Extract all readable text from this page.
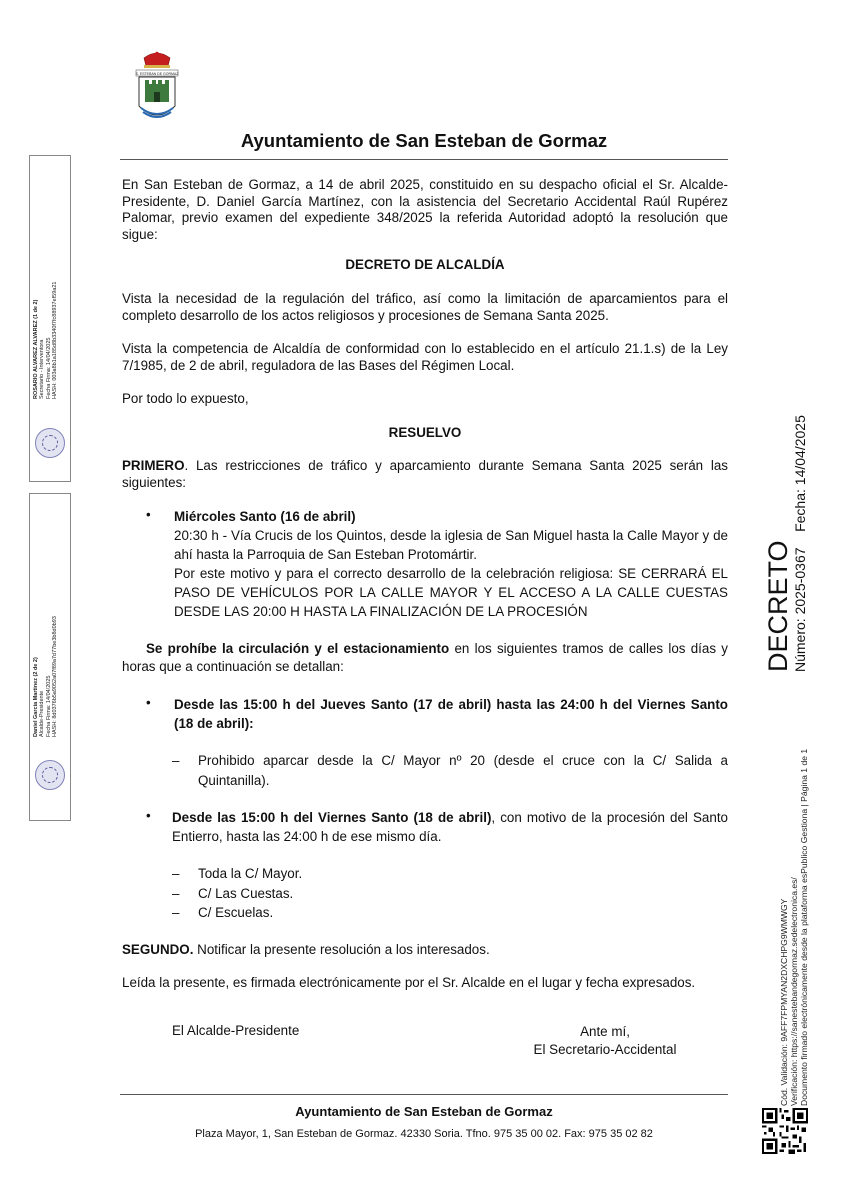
S. ESTEBAN DE GORMAZ
Ayuntamiento de San Esteban de Gormaz

En San Esteban de Gormaz, a 14 de abril 2025, constituido en su despacho oficial el Sr. Alcalde-Presidente, D. Daniel García Martínez, con la asistencia del Secretario Accidental Raúl Rupérez Palomar, previo examen del expediente 348/2025 la referida Autoridad adoptó la resolución que sigue:

DECRETO DE ALCALDÍA

Vista la necesidad de la regulación del tráfico, así como la limitación de aparcamientos para el completo desarrollo de los actos religiosos y procesiones de Semana Santa 2025.

Vista la competencia de Alcaldía de conformidad con lo establecido en el artículo 21.1.s) de la Ley 7/1985, de 2 de abril, reguladora de las Bases del Régimen Local.

Por todo lo expuesto,

RESUELVO

PRIMERO. Las restricciones de tráfico y aparcamiento durante Semana Santa 2025 serán las siguientes:

• Miércoles Santo (16 de abril)
20:30 h - Vía Crucis de los Quintos, desde la iglesia de San Miguel hasta la Calle Mayor y de ahí hasta la Parroquia de San Esteban Protomártir.
Por este motivo y para el correcto desarrollo de la celebración religiosa: SE CERRARÁ EL PASO DE VEHÍCULOS POR LA CALLE MAYOR Y EL ACCESO A LA CALLE CUESTAS DESDE LAS 20:00 H HASTA LA FINALIZACIÓN DE LA PROCESIÓN

Se prohíbe la circulación y el estacionamiento en los siguientes tramos de calles los días y horas que a continuación se detallan:

• Desde las 15:00 h del Jueves Santo (17 de abril) hasta las 24:00 h del Viernes Santo (18 de abril):
– Prohibido aparcar desde la C/ Mayor nº 20 (desde el cruce con la C/ Salida a Quintanilla).
• Desde las 15:00 h del Viernes Santo (18 de abril), con motivo de la procesión del Santo Entierro, hasta las 24:00 h de ese mismo día.
– Toda la C/ Mayor.
– C/ Las Cuestas.
– C/ Escuelas.

SEGUNDO. Notificar la presente resolución a los interesados.

Leída la presente, es firmada electrónicamente por el Sr. Alcalde en el lugar y fecha expresados.

El Alcalde-Presidente	Ante mí,
El Secretario-Accidental
Ayuntamiento de San Esteban de Gormaz
Plaza Mayor, 1, San Esteban de Gormaz. 42330 Soria. Tfno. 975 35 00 02. Fax: 975 35 02 82
ROSARIO ALVAREZ ALVAREZ (1 de 2) Secretario - Interventora Fecha Firma: 14/04/2025 HASH: 003a8b1a185d8b3340f7fc88937ef59a21
Daniel Garcia Martinez (2 de 2) Alcalde-Presidente Fecha Firma: 14/04/2025 HASH: 8d0376b5a9052a07f89a7d77be3b8d0b93
DECRETO Número: 2025-0367    Fecha: 14/04/2025
Cód. Validación: 9AFF7FPMYAN2DXCHPG9WMWGY Verificación: https://sanestebandegormaz.sedelectronica.es/ Documento firmado electrónicamente desde la plataforma esPublico Gestiona | Página 1 de 1
